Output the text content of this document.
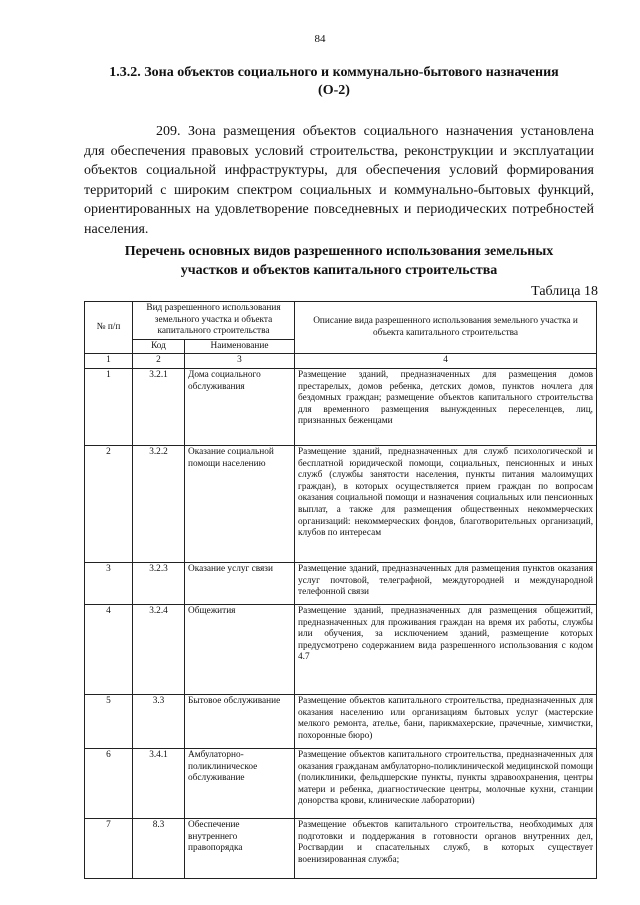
84
1.3.2. Зона объектов социального и коммунально-бытового назначения
(О-2)
209. Зона размещения объектов социального назначения установлена для обеспечения правовых условий строительства, реконструкции и эксплуатации объектов социальной инфраструктуры, для обеспечения условий формирования территорий с широким спектром социальных и коммунально-бытовых функций, ориентированных на удовлетворение повседневных и периодических потребностей населения.
Перечень основных видов разрешенного использования земельных
участков и объектов капитального строительства
Таблица 18
№ п/п	Вид разрешенного использования земельного участка и объекта капитального строительства		Описание вида разрешенного использования земельного участка и объекта капитального строительства
	Код	Наименование	
1	2	3	4
1	3.2.1	Дома социального обслуживания	Размещение зданий, предназначенных для размещения домов престарелых, домов ребенка, детских домов, пунктов ночлега для бездомных граждан; размещение объектов капитального строительства для временного размещения вынужденных переселенцев, лиц, признанных беженцами
2	3.2.2	Оказание социальной помощи населению	Размещение зданий, предназначенных для служб психологической и бесплатной юридической помощи, социальных, пенсионных и иных служб (службы занятости населения, пункты питания малоимущих граждан), в которых осуществляется прием граждан по вопросам оказания социальной помощи и назначения социальных или пенсионных выплат, а также для размещения общественных некоммерческих организаций: некоммерческих фондов, благотворительных организаций, клубов по интересам
3	3.2.3	Оказание услуг связи	Размещение зданий, предназначенных для размещения пунктов оказания услуг почтовой, телеграфной, междугородней и международной телефонной связи
4	3.2.4	Общежития	Размещение зданий, предназначенных для размещения общежитий, предназначенных для проживания граждан на время их работы, службы или обучения, за исключением зданий, размещение которых предусмотрено содержанием вида разрешенного использования с кодом 4.7
5	3.3	Бытовое обслуживание	Размещение объектов капитального строительства, предназначенных для оказания населению или организациям бытовых услуг (мастерские мелкого ремонта, ателье, бани, парикмахерские, прачечные, химчистки, похоронные бюро)
6	3.4.1	Амбулаторно-поликлиническое обслуживание	Размещение объектов капитального строительства, предназначенных для оказания гражданам амбулаторно-поликлинической медицинской помощи (поликлиники, фельдшерские пункты, пункты здравоохранения, центры матери и ребенка, диагностические центры, молочные кухни, станции донорства крови, клинические лаборатории)
7	8.3	Обеспечение внутреннего правопорядка	Размещение объектов капитального строительства, необходимых для подготовки и поддержания в готовности органов внутренних дел, Росгвардии и спасательных служб, в которых существует военизированная служба;
